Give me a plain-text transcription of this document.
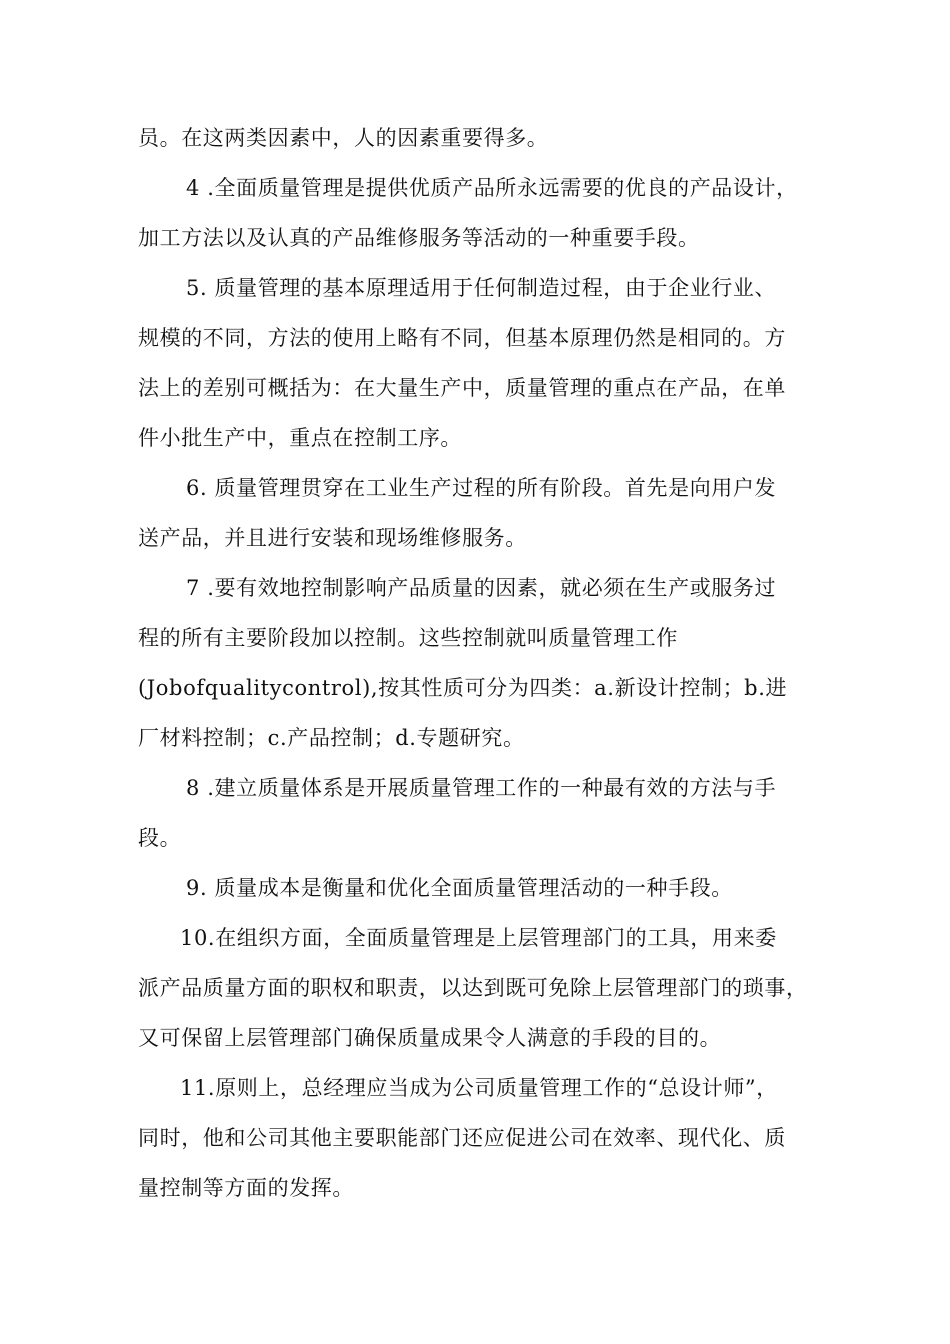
员。在这两类因素中，人的因素重要得多。
4 .全面质量管理是提供优质产品所永远需要的优良的产品设计，
加工方法以及认真的产品维修服务等活动的一种重要手段。
5. 质量管理的基本原理适用于任何制造过程，由于企业行业、
规模的不同，方法的使用上略有不同，但基本原理仍然是相同的。方
法上的差别可概括为：在大量生产中，质量管理的重点在产品，在单
件小批生产中，重点在控制工序。
6. 质量管理贯穿在工业生产过程的所有阶段。首先是向用户发
送产品，并且进行安装和现场维修服务。
7 .要有效地控制影响产品质量的因素，就必须在生产或服务过
程的所有主要阶段加以控制。这些控制就叫质量管理工作
(Jobofqualitycontrol),按其性质可分为四类：a.新设计控制；b.进
厂材料控制；c.产品控制；d.专题研究。
8 .建立质量体系是开展质量管理工作的一种最有效的方法与手
段。
9. 质量成本是衡量和优化全面质量管理活动的一种手段。
10.在组织方面，全面质量管理是上层管理部门的工具，用来委
派产品质量方面的职权和职责，以达到既可免除上层管理部门的琐事，
又可保留上层管理部门确保质量成果令人满意的手段的目的。
11.原则上，总经理应当成为公司质量管理工作的“总设计师”，
同时，他和公司其他主要职能部门还应促进公司在效率、现代化、质
量控制等方面的发挥。
